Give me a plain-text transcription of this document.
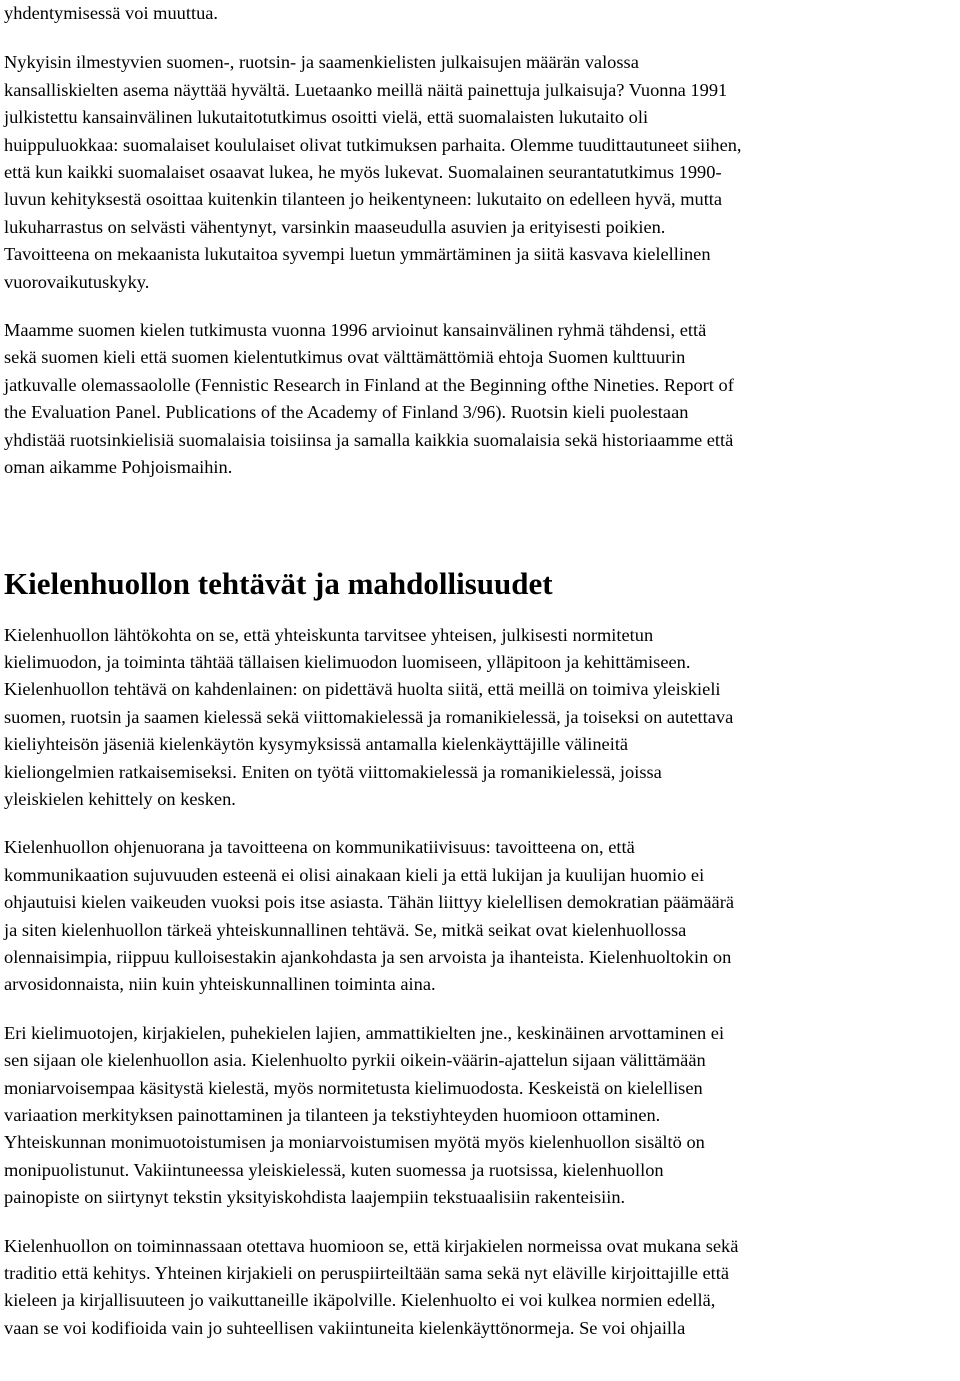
yhdentymisessä voi muuttua.

Nykyisin ilmestyvien suomen-, ruotsin- ja saamenkielisten julkaisujen määrän valossa
kansalliskielten asema näyttää hyvältä. Luetaanko meillä näitä painettuja julkaisuja? Vuonna 1991
julkistettu kansainvälinen lukutaitotutkimus osoitti vielä, että suomalaisten lukutaito oli
huippuluokkaa: suomalaiset koululaiset olivat tutkimuksen parhaita. Olemme tuudittautuneet siihen,
että kun kaikki suomalaiset osaavat lukea, he myös lukevat. Suomalainen seurantatutkimus 1990-
luvun kehityksestä osoittaa kuitenkin tilanteen jo heikentyneen: lukutaito on edelleen hyvä, mutta
lukuharrastus on selvästi vähentynyt, varsinkin maaseudulla asuvien ja erityisesti poikien.
Tavoitteena on mekaanista lukutaitoa syvempi luetun ymmärtäminen ja siitä kasvava kielellinen
vuorovaikutuskyky.

Maamme suomen kielen tutkimusta vuonna 1996 arvioinut kansainvälinen ryhmä tähdensi, että
sekä suomen kieli että suomen kielentutkimus ovat välttämättömiä ehtoja Suomen kulttuurin
jatkuvalle olemassaololle (Fennistic Research in Finland at the Beginning ofthe Nineties. Report of
the Evaluation Panel. Publications of the Academy of Finland 3/96). Ruotsin kieli puolestaan
yhdistää ruotsinkielisiä suomalaisia toisiinsa ja samalla kaikkia suomalaisia sekä historiaamme että
oman aikamme Pohjoismaihin.

Kielenhuollon tehtävät ja mahdollisuudet

Kielenhuollon lähtökohta on se, että yhteiskunta tarvitsee yhteisen, julkisesti normitetun
kielimuodon, ja toiminta tähtää tällaisen kielimuodon luomiseen, ylläpitoon ja kehittämiseen.
Kielenhuollon tehtävä on kahdenlainen: on pidettävä huolta siitä, että meillä on toimiva yleiskieli
suomen, ruotsin ja saamen kielessä sekä viittomakielessä ja romanikielessä, ja toiseksi on autettava
kieliyhteisön jäseniä kielenkäytön kysymyksissä antamalla kielenkäyttäjille välineitä
kieliongelmien ratkaisemiseksi. Eniten on työtä viittomakielessä ja romanikielessä, joissa
yleiskielen kehittely on kesken.

Kielenhuollon ohjenuorana ja tavoitteena on kommunikatiivisuus: tavoitteena on, että
kommunikaation sujuvuuden esteenä ei olisi ainakaan kieli ja että lukijan ja kuulijan huomio ei
ohjautuisi kielen vaikeuden vuoksi pois itse asiasta. Tähän liittyy kielellisen demokratian päämäärä
ja siten kielenhuollon tärkeä yhteiskunnallinen tehtävä. Se, mitkä seikat ovat kielenhuollossa
olennaisimpia, riippuu kulloisestakin ajankohdasta ja sen arvoista ja ihanteista. Kielenhuoltokin on
arvosidonnaista, niin kuin yhteiskunnallinen toiminta aina.

Eri kielimuotojen, kirjakielen, puhekielen lajien, ammattikielten jne., keskinäinen arvottaminen ei
sen sijaan ole kielenhuollon asia. Kielenhuolto pyrkii oikein-väärin-ajattelun sijaan välittämään
moniarvoisempaa käsitystä kielestä, myös normitetusta kielimuodosta. Keskeistä on kielellisen
variaation merkityksen painottaminen ja tilanteen ja tekstiyhteyden huomioon ottaminen.
Yhteiskunnan monimuotoistumisen ja moniarvoistumisen myötä myös kielenhuollon sisältö on
monipuolistunut. Vakiintuneessa yleiskielessä, kuten suomessa ja ruotsissa, kielenhuollon
painopiste on siirtynyt tekstin yksityiskohdista laajempiin tekstuaalisiin rakenteisiin.

Kielenhuollon on toiminnassaan otettava huomioon se, että kirjakielen normeissa ovat mukana sekä
traditio että kehitys. Yhteinen kirjakieli on peruspiirteiltään sama sekä nyt eläville kirjoittajille että
kieleen ja kirjallisuuteen jo vaikuttaneille ikäpolville. Kielenhuolto ei voi kulkea normien edellä,
vaan se voi kodifioida vain jo suhteellisen vakiintuneita kielenkäyttönormeja. Se voi ohjailla
